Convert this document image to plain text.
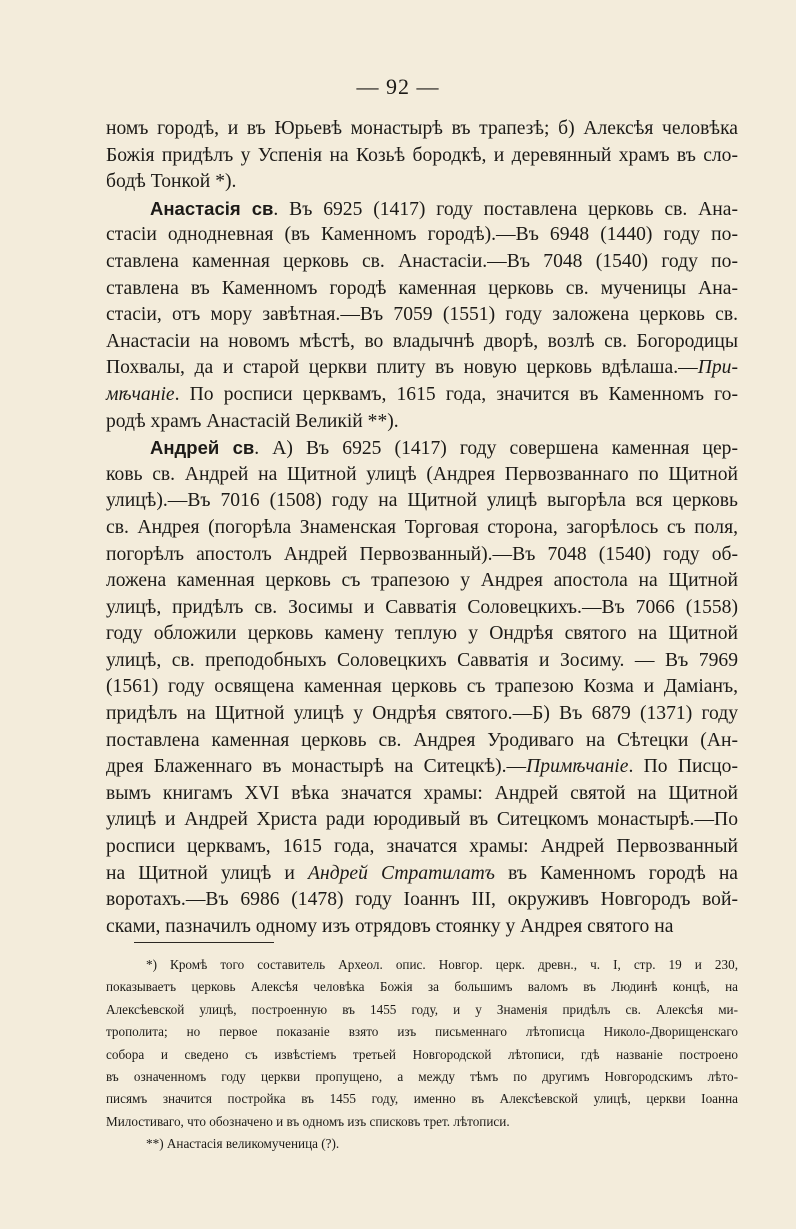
— 92 —
номъ городѣ, и въ Юрьевѣ монастырѣ въ трапезѣ; б) Алексѣя человѣка
Божія придѣлъ у Успенія на Козьѣ бородкѣ, и деревянный храмъ въ сло-
бодѣ Тонкой *).
Анастасія св. Въ 6925 (1417) году поставлена церковь св. Ана-
стасіи однодневная (въ Каменномъ городѣ).—Въ 6948 (1440) году по-
ставлена каменная церковь св. Анастасіи.—Въ 7048 (1540) году по-
ставлена въ Каменномъ городѣ каменная церковь св. мученицы Ана-
стасіи, отъ мору завѣтная.—Въ 7059 (1551) году заложена церковь св.
Анастасіи на новомъ мѣстѣ, во владычнѣ дворѣ, возлѣ св. Богородицы
Похвалы, да и старой церкви плиту въ новую церковь вдѣлаша.—При-
мѣчаніе. По росписи церквамъ, 1615 года, значится въ Каменномъ го-
родѣ храмъ Анастасій Великій **).
Андрей св. А) Въ 6925 (1417) году совершена каменная цер-
ковь св. Андрей на Щитной улицѣ (Андрея Первозваннаго по Щитной
улицѣ).—Въ 7016 (1508) году на Щитной улицѣ выгорѣла вся церковь
св. Андрея (погорѣла Знаменская Торговая сторона, загорѣлось съ поля,
погорѣлъ апостолъ Андрей Первозванный).—Въ 7048 (1540) году об-
ложена каменная церковь съ трапезою у Андрея апостола на Щитной
улицѣ, придѣлъ св. Зосимы и Савватія Соловецкихъ.—Въ 7066 (1558)
году обложили церковь камену теплую у Ондрѣя святого на Щитной
улицѣ, св. преподобныхъ Соловецкихъ Савватія и Зосиму. — Въ 7969
(1561) году освящена каменная церковь съ трапезою Козма и Даміанъ,
придѣлъ на Щитной улицѣ у Ондрѣя святого.—Б) Въ 6879 (1371) году
поставлена каменная церковь св. Андрея Уродиваго на Сѣтецки (Ан-
дрея Блаженнаго въ монастырѣ на Ситецкѣ).—Примѣчаніе. По Писцо-
вымъ книгамъ XVI вѣка значатся храмы: Андрей святой на Щитной
улицѣ и Андрей Христа ради юродивый въ Ситецкомъ монастырѣ.—По
росписи церквамъ, 1615 года, значатся храмы: Андрей Первозванный
на Щитной улицѣ и Андрей Стратилатъ въ Каменномъ городѣ на
воротахъ.—Въ 6986 (1478) году Іоаннъ III, окруживъ Новгородъ вой-
сками, пазначилъ одному изъ отрядовъ стоянку у Андрея святого на
*) Кромѣ того составитель Археол. опис. Новгор. церк. древн., ч. I, стр. 19 и 230,
показываетъ церковь Алексѣя человѣка Божія за большимъ валомъ въ Людинѣ концѣ, на
Алексѣевской улицѣ, построенную въ 1455 году, и у Знаменія придѣлъ св. Алексѣя ми-
трополита; но первое показаніе взято изъ письменнаго лѣтописца Николо-Дворищенскаго
собора и сведено съ извѣстіемъ третьей Новгородской лѣтописи, гдѣ названіе построено
въ означенномъ году церкви пропущено, а между тѣмъ по другимъ Новгородскимъ лѣто-
писямъ значится постройка въ 1455 году, именно въ Алексѣевской улицѣ, церкви Іоанна
Милостиваго, что обозначено и въ одномъ изъ списковъ трет. лѣтописи.
**) Анастасія великомученица (?).
